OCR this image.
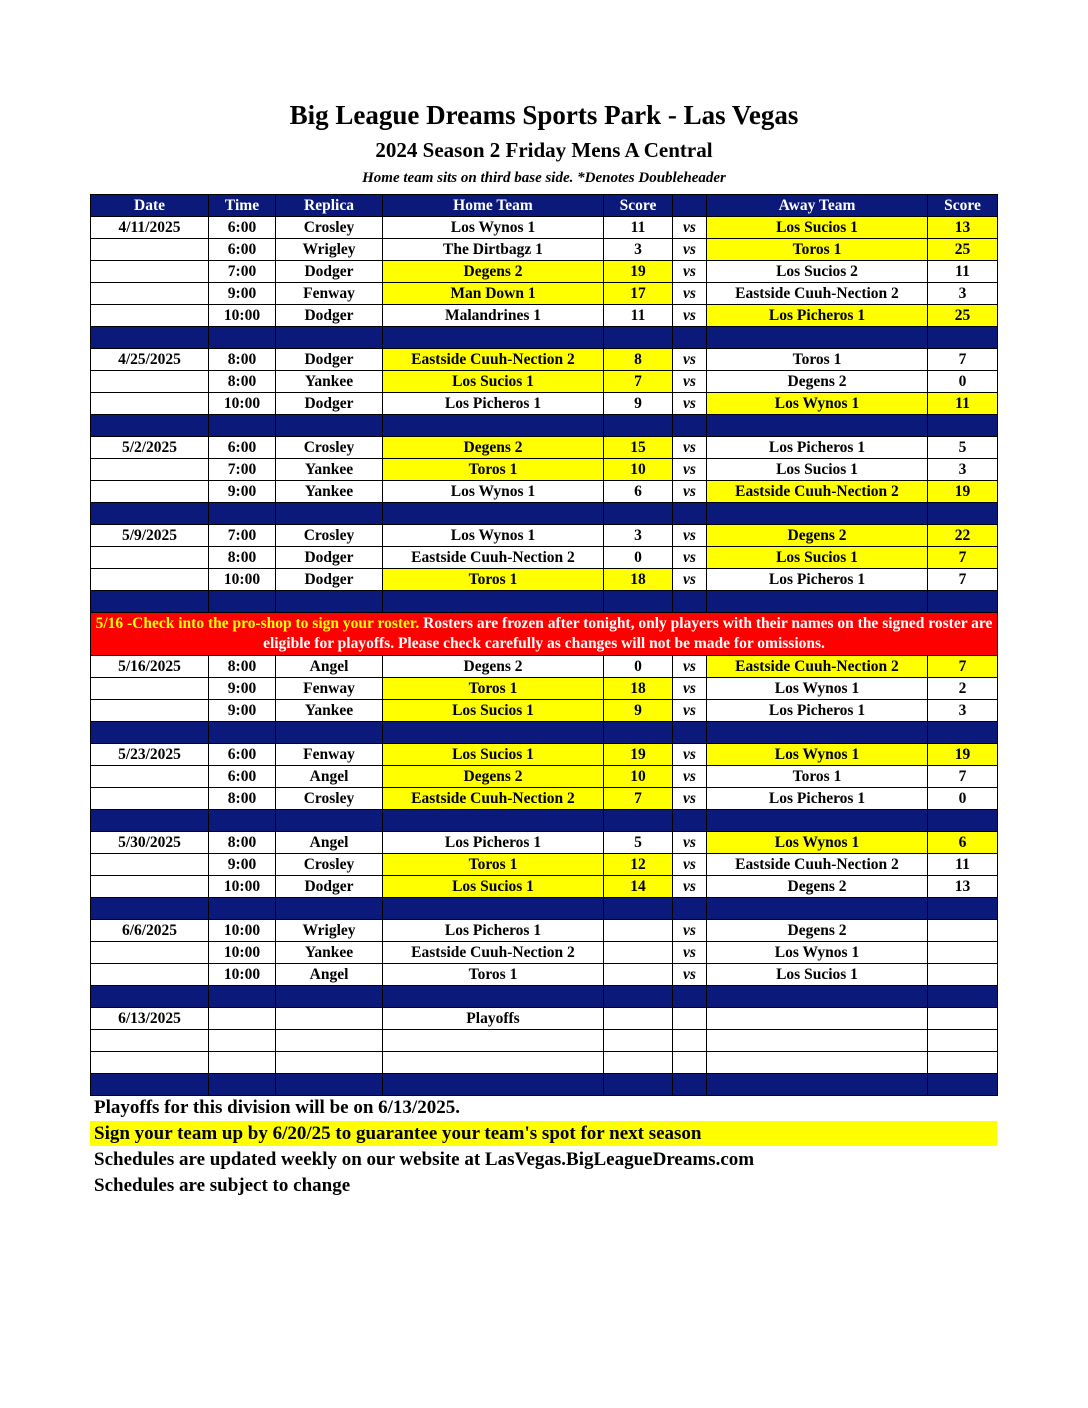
Big League Dreams Sports Park - Las Vegas
2024 Season 2 Friday Mens A Central
Home team sits on third base side. *Denotes Doubleheader
Date	Time	Replica	Home Team	Score		Away Team	Score
4/11/2025	6:00	Crosley	Los Wynos 1	11	vs	Los Sucios 1	13
	6:00	Wrigley	The Dirtbagz 1	3	vs	Toros 1	25
	7:00	Dodger	Degens 2	19	vs	Los Sucios 2	11
	9:00	Fenway	Man Down 1	17	vs	Eastside Cuuh-Nection 2	3
	10:00	Dodger	Malandrines 1	11	vs	Los Picheros 1	25

4/25/2025	8:00	Dodger	Eastside Cuuh-Nection 2	8	vs	Toros 1	7
	8:00	Yankee	Los Sucios 1	7	vs	Degens 2	0
	10:00	Dodger	Los Picheros 1	9	vs	Los Wynos 1	11

5/2/2025	6:00	Crosley	Degens 2	15	vs	Los Picheros 1	5
	7:00	Yankee	Toros 1	10	vs	Los Sucios 1	3
	9:00	Yankee	Los Wynos 1	6	vs	Eastside Cuuh-Nection 2	19

5/9/2025	7:00	Crosley	Los Wynos 1	3	vs	Degens 2	22
	8:00	Dodger	Eastside Cuuh-Nection 2	0	vs	Los Sucios 1	7
	10:00	Dodger	Toros 1	18	vs	Los Picheros 1	7

5/16 -Check into the pro-shop to sign your roster. Rosters are frozen after tonight, only players with their names on the signed roster are eligible for playoffs. Please check carefully as changes will not be made for omissions.							
5/16/2025	8:00	Angel	Degens 2	0	vs	Eastside Cuuh-Nection 2	7
	9:00	Fenway	Toros 1	18	vs	Los Wynos 1	2
	9:00	Yankee	Los Sucios 1	9	vs	Los Picheros 1	3

5/23/2025	6:00	Fenway	Los Sucios 1	19	vs	Los Wynos 1	19
	6:00	Angel	Degens 2	10	vs	Toros 1	7
	8:00	Crosley	Eastside Cuuh-Nection 2	7	vs	Los Picheros 1	0

5/30/2025	8:00	Angel	Los Picheros 1	5	vs	Los Wynos 1	6
	9:00	Crosley	Toros 1	12	vs	Eastside Cuuh-Nection 2	11
	10:00	Dodger	Los Sucios 1	14	vs	Degens 2	13

6/6/2025	10:00	Wrigley	Los Picheros 1		vs	Degens 2	
	10:00	Yankee	Eastside Cuuh-Nection 2		vs	Los Wynos 1	
	10:00	Angel	Toros 1		vs	Los Sucios 1	

6/13/2025			Playoffs				

Playoffs for this division will be on 6/13/2025.
Sign your team up by 6/20/25 to guarantee your team's spot for next season
Schedules are updated weekly on our website at LasVegas.BigLeagueDreams.com
Schedules are subject to change
